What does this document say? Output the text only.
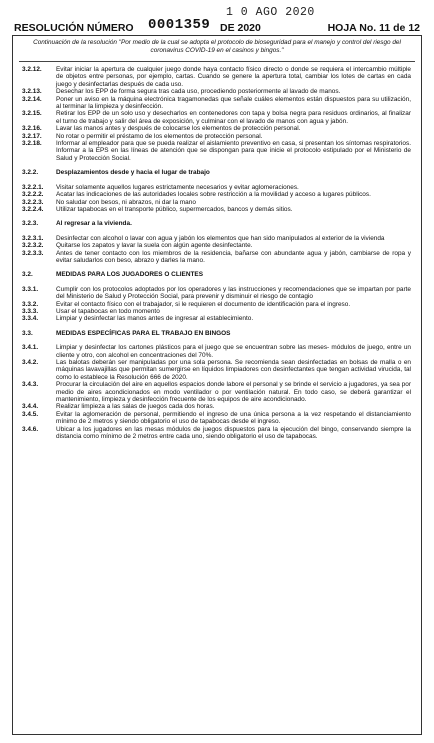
1 0 AGO 2020
RESOLUCIÓN NÚMERO 0001359 DE 2020	HOJA No. 11 de 12
Continuación de la resolución "Por medio de la cual se adopta el protocolo de bioseguridad para el manejo y control del riesgo del coronavirus COVID-19 en el casinos y bingos."
3.2.12.	Evitar iniciar la apertura de cualquier juego donde haya contacto físico directo o donde se requiera el intercambio múltiple de objetos entre personas, por ejemplo, cartas. Cuando se genere la apertura total, cambiar los lotes de cartas en cada juego y desinfectarlas después de cada uso.
3.2.13.	Desechar los EPP de forma segura tras cada uso, procediendo posteriormente al lavado de manos.
3.2.14.	Poner un aviso en la máquina electrónica tragamonedas que señale cuáles elementos están dispuestos para su utilización, al terminar la limpieza y desinfección.
3.2.15.	Retirar los EPP de un solo uso y desecharlos en contenedores con tapa y bolsa negra para residuos ordinarios, al finalizar el turno de trabajo y salir del área de exposición, y culminar con el lavado de manos con agua y jabón.
3.2.16.	Lavar las manos antes y después de colocarse los elementos de protección personal.
3.2.17.	No rotar o permitir el préstamo de los elementos de protección personal.
3.2.18.	Informar al empleador para que se pueda realizar el aislamiento preventivo en casa, si presentan los síntomas respiratorios. Informar a la EPS en las líneas de atención que se dispongan para que inicie el protocolo estipulado por el Ministerio de Salud y Protección Social.
3.2.2.	Desplazamientos desde y hacia el lugar de trabajo
3.2.2.1.	Visitar solamente aquellos lugares estrictamente necesarios y evitar aglomeraciones.
3.2.2.2.	Acatar las indicaciones de las autoridades locales sobre restricción a la movilidad y acceso a lugares públicos.
3.2.2.3.	No saludar con besos, ni abrazos, ni dar la mano
3.2.2.4.	Utilizar tapabocas en el transporte público, supermercados, bancos y demás sitios.
3.2.3.	Al regresar a la vivienda.
3.2.3.1.	Desinfectar con alcohol o lavar con agua y jabón los elementos que han sido manipulados al exterior de la vivienda
3.2.3.2.	Quitarse los zapatos y lavar la suela con algún agente desinfectante.
3.2.3.3.	Antes de tener contacto con los miembros de la residencia, bañarse con abundante agua y jabón, cambiarse de ropa y evitar saludarlos con beso, abrazo y darles la mano.
3.2.	MEDIDAS PARA LOS JUGADORES O CLIENTES
3.3.1.	Cumplir con los protocolos adoptados por los operadores y las instrucciones y recomendaciones que se impartan por parte del Ministerio de Salud y Protección Social, para prevenir y disminuir el riesgo de contagio
3.3.2.	Evitar el contacto físico con el trabajador, si le requieren el documento de identificación para el ingreso.
3.3.3.	Usar el tapabocas en todo momento
3.3.4.	Limpiar y desinfectar las manos antes de ingresar al establecimiento.
3.3.	MEDIDAS ESPECÍFICAS PARA EL TRABAJO EN BINGOS
3.4.1.	Limpiar y desinfectar los cartones plásticos para el juego que se encuentran sobre las meses- módulos de juego, entre un cliente y otro, con alcohol en concentraciones del 70%.
3.4.2.	Las balotas deberán ser manipuladas por una sola persona. Se recomienda sean desinfectadas en bolsas de malla o en máquinas lavavajillas que permitan sumergirse en líquidos limpiadores con desinfectantes que tengan actividad virucida, tal como lo establece la Resolución 666 de 2020.
3.4.3.	Procurar la circulación del aire en aquellos espacios donde labore el personal y se brinde el servicio a jugadores, ya sea por medio de aires acondicionados en modo ventilador o por ventilación natural. En todo caso, se deberá garantizar el mantenimiento, limpieza y desinfección frecuente de los equipos de aire acondicionado.
3.4.4.	Realizar limpieza a las salas de juegos cada dos horas.
3.4.5.	Evitar la aglomeración de personal, permitiendo el ingreso de una única persona a la vez respetando el distanciamiento mínimo de 2 metros y siendo obligatorio el uso de tapabocas desde el ingreso.
3.4.6.	Ubicar a los jugadores en las mesas módulos de juegos dispuestos para la ejecución del bingo, conservando siempre la distancia como mínimo de 2 metros entre cada uno, siendo obligatorio el uso de tapabocas.
